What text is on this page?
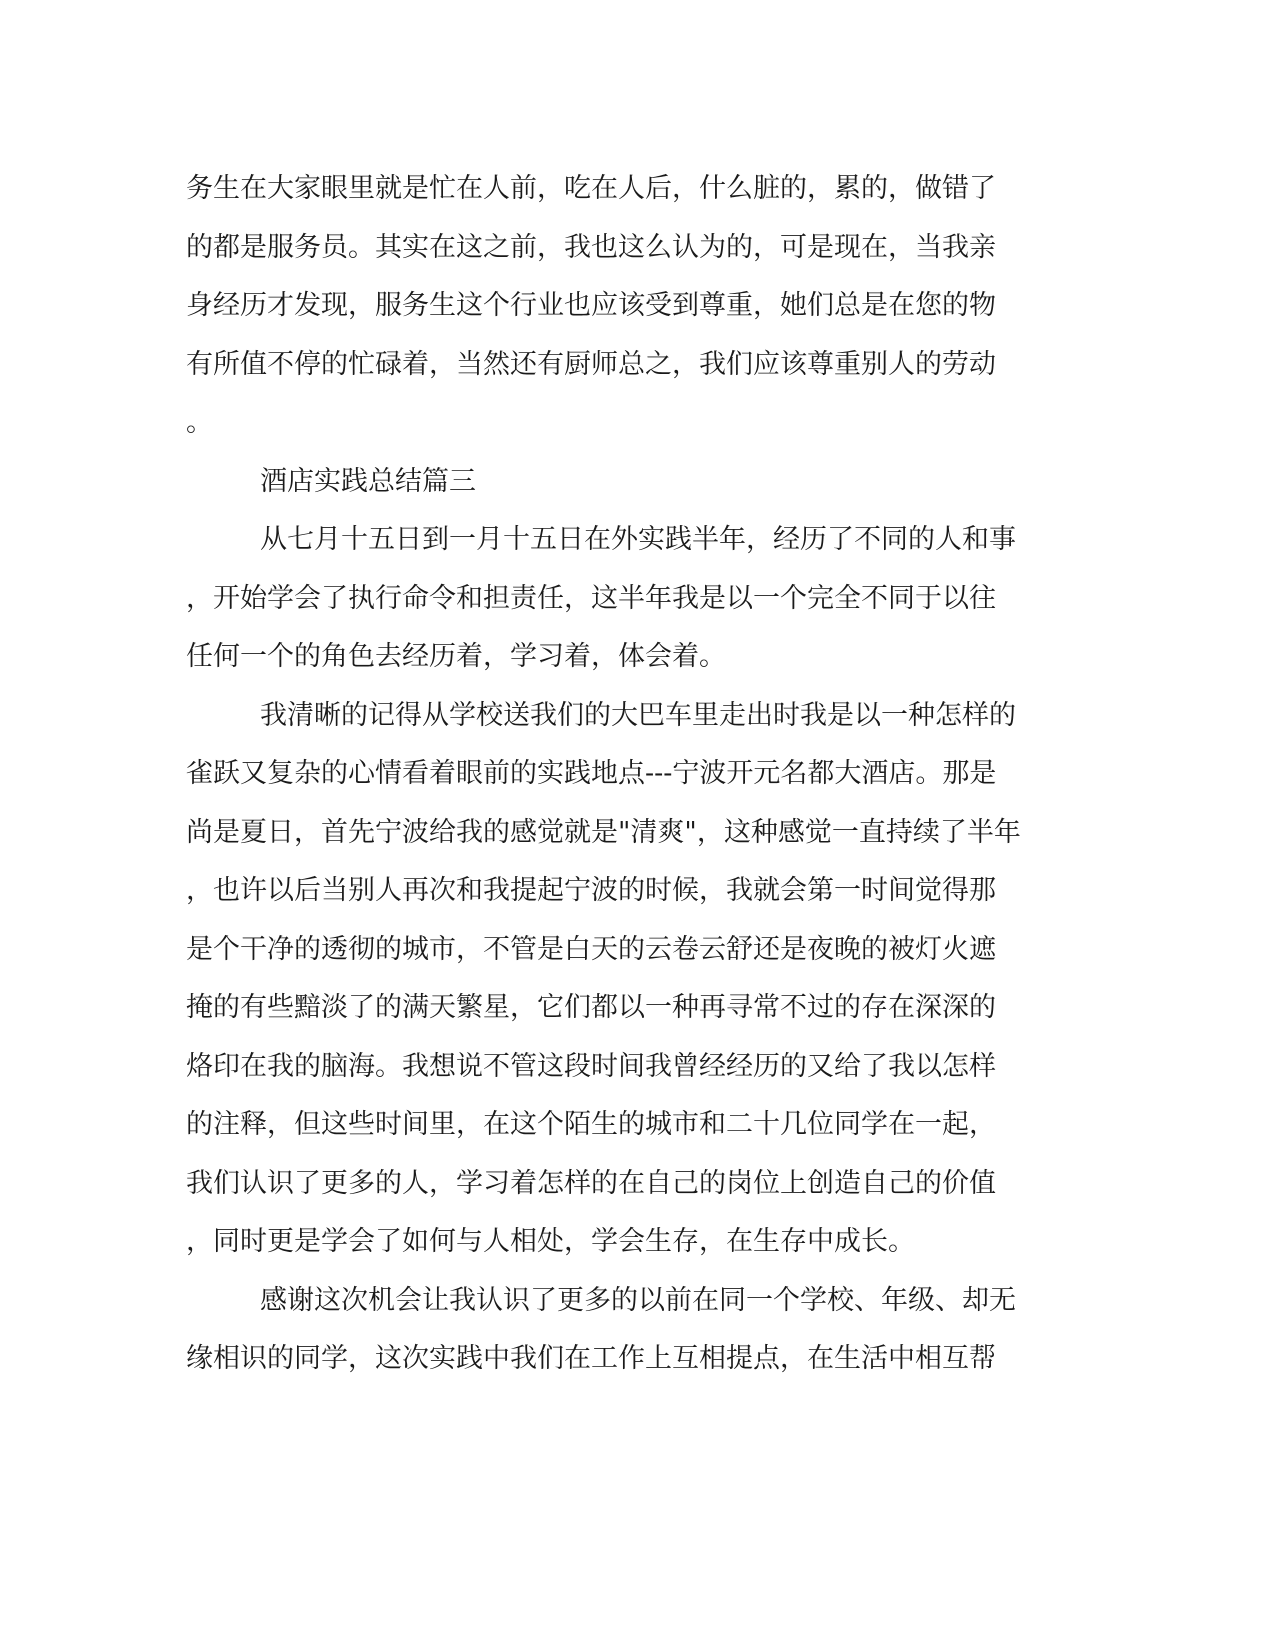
务生在大家眼里就是忙在人前，吃在人后，什么脏的，累的，做错了
的都是服务员。其实在这之前，我也这么认为的，可是现在，当我亲
身经历才发现，服务生这个行业也应该受到尊重，她们总是在您的物
有所值不停的忙碌着，当然还有厨师总之，我们应该尊重别人的劳动
。
酒店实践总结篇三
从七月十五日到一月十五日在外实践半年，经历了不同的人和事
，开始学会了执行命令和担责任，这半年我是以一个完全不同于以往
任何一个的角色去经历着，学习着，体会着。
我清晰的记得从学校送我们的大巴车里走出时我是以一种怎样的
雀跃又复杂的心情看着眼前的实践地点---宁波开元名都大酒店。那是
尚是夏日，首先宁波给我的感觉就是"清爽"，这种感觉一直持续了半年
，也许以后当别人再次和我提起宁波的时候，我就会第一时间觉得那
是个干净的透彻的城市，不管是白天的云卷云舒还是夜晚的被灯火遮
掩的有些黯淡了的满天繁星，它们都以一种再寻常不过的存在深深的
烙印在我的脑海。我想说不管这段时间我曾经经历的又给了我以怎样
的注释，但这些时间里，在这个陌生的城市和二十几位同学在一起，
我们认识了更多的人，学习着怎样的在自己的岗位上创造自己的价值
，同时更是学会了如何与人相处，学会生存，在生存中成长。
感谢这次机会让我认识了更多的以前在同一个学校、年级、却无
缘相识的同学，这次实践中我们在工作上互相提点，在生活中相互帮
